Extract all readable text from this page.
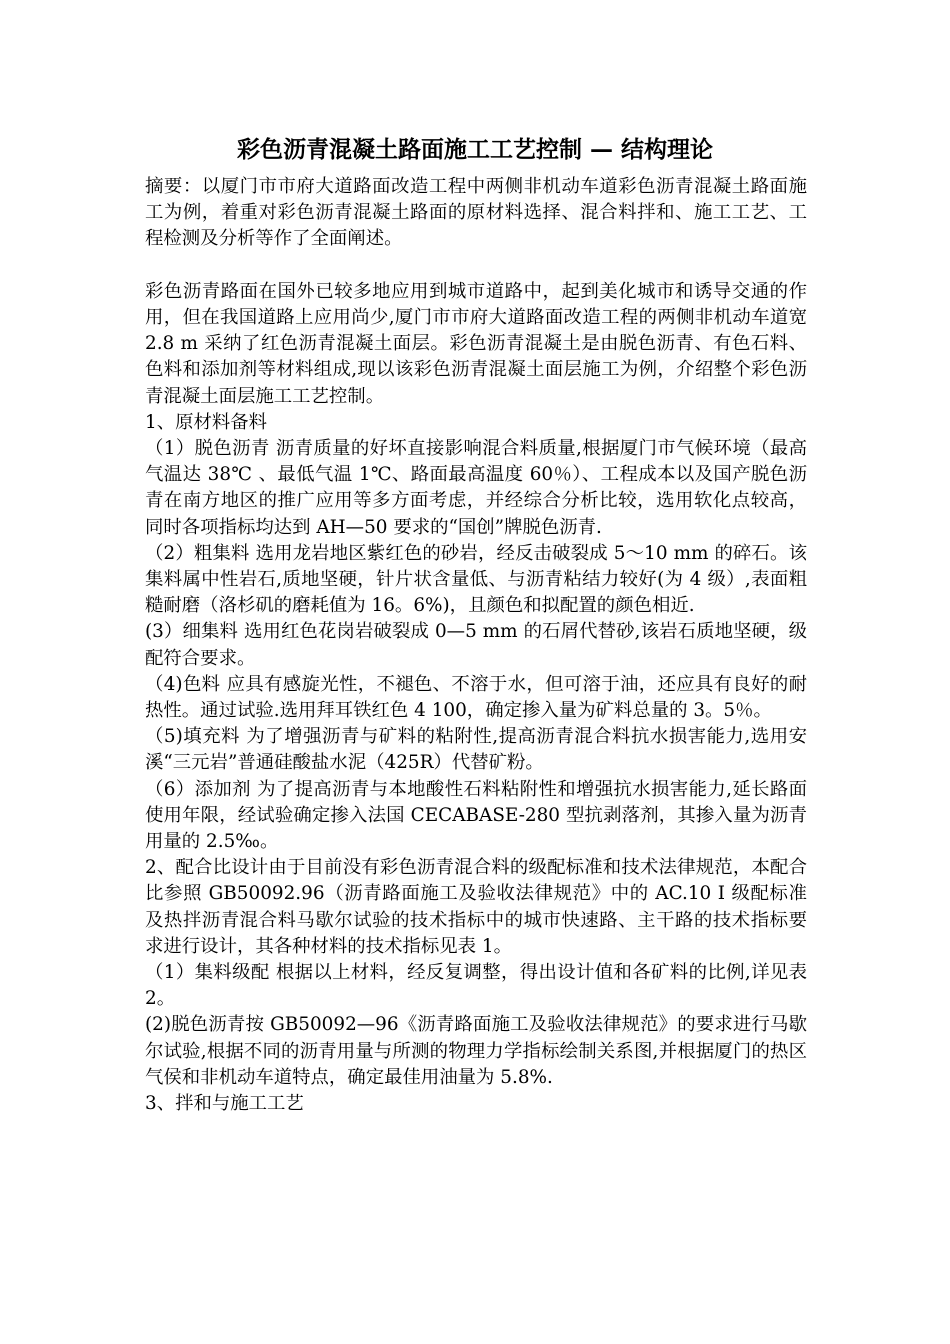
彩色沥青混凝土路面施工工艺控制 — 结构理论

摘要：以厦门市市府大道路面改造工程中两侧非机动车道彩色沥青混凝土路面施工为例，着重对彩色沥青混凝土路面的原材料选择、混合料拌和、施工工艺、工程检测及分析等作了全面阐述。

彩色沥青路面在国外已较多地应用到城市道路中，起到美化城市和诱导交通的作用，但在我国道路上应用尚少,厦门市市府大道路面改造工程的两侧非机动车道宽 2.8 m 采纳了红色沥青混凝土面层。彩色沥青混凝土是由脱色沥青、有色石料、色料和添加剂等材料组成,现以该彩色沥青混凝土面层施工为例，介绍整个彩色沥青混凝土面层施工工艺控制。

1、原材料备料

（1）脱色沥青 沥青质量的好坏直接影响混合料质量,根据厦门市气候环境（最高气温达 38℃ 、最低气温 1℃、路面最高温度 60％）、工程成本以及国产脱色沥青在南方地区的推广应用等多方面考虑，并经综合分析比较，选用软化点较高，同时各项指标均达到 AH—50 要求的“国创”牌脱色沥青.

（2）粗集料 选用龙岩地区紫红色的砂岩，经反击破裂成 5～10 mm 的碎石。该集料属中性岩石,质地坚硬，针片状含量低、与沥青粘结力较好(为 4 级）,表面粗糙耐磨（洛杉矶的磨耗值为 16。6%)，且颜色和拟配置的颜色相近.

(3）细集料 选用红色花岗岩破裂成 0—5 mm 的石屑代替砂,该岩石质地坚硬，级配符合要求。

（4)色料 应具有感旋光性，不褪色、不溶于水，但可溶于油，还应具有良好的耐热性。通过试验.选用拜耳铁红色 4 100，确定掺入量为矿料总量的 3。5％。

（5)填充料 为了增强沥青与矿料的粘附性,提高沥青混合料抗水损害能力,选用安溪“三元岩”普通硅酸盐水泥（425R）代替矿粉。

（6）添加剂 为了提高沥青与本地酸性石料粘附性和增强抗水损害能力,延长路面使用年限，经试验确定掺入法国 CECABASE-280 型抗剥落剂，其掺入量为沥青用量的 2.5‰。

2、配合比设计由于目前没有彩色沥青混合料的级配标准和技术法律规范，本配合比参照 GB50092.96（沥青路面施工及验收法律规范》中的 AC.10 I 级配标准及热拌沥青混合料马歇尔试验的技术指标中的城市快速路、主干路的技术指标要求进行设计，其各种材料的技术指标见表 1。

（1）集料级配 根据以上材料，经反复调整，得出设计值和各矿料的比例,详见表 2。

(2)脱色沥青按 GB50092—96《沥青路面施工及验收法律规范》的要求进行马歇尔试验,根据不同的沥青用量与所测的物理力学指标绘制关系图,并根据厦门的热区气侯和非机动车道特点，确定最佳用油量为 5.8%.

3、拌和与施工工艺
